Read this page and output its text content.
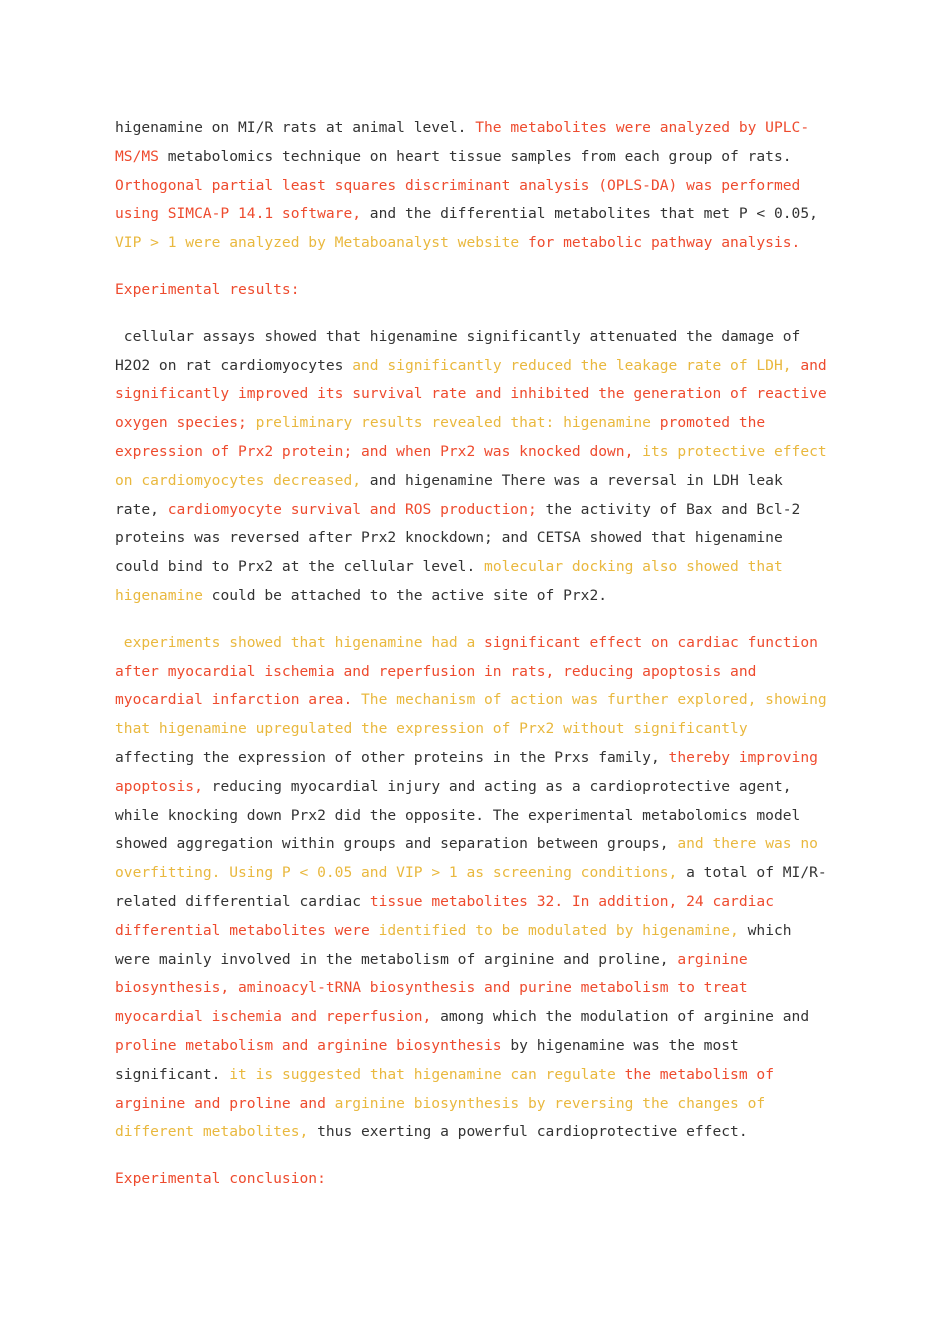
higenamine on MI/R rats at animal level. The metabolites were analyzed by UPLC-MS/MS metabolomics technique on heart tissue samples from each group of rats. Orthogonal partial least squares discriminant analysis (OPLS-DA) was performed using SIMCA-P 14.1 software, and the differential metabolites that met P < 0.05, VIP > 1 were analyzed by Metaboanalyst website for metabolic pathway analysis.

Experimental results:

cellular assays showed that higenamine significantly attenuated the damage of H2O2 on rat cardiomyocytes and significantly reduced the leakage rate of LDH, and significantly improved its survival rate and inhibited the generation of reactive oxygen species; preliminary results revealed that: higenamine promoted the expression of Prx2 protein; and when Prx2 was knocked down, its protective effect on cardiomyocytes decreased, and higenamine There was a reversal in LDH leak rate, cardiomyocyte survival and ROS production; the activity of Bax and Bcl-2 proteins was reversed after Prx2 knockdown; and CETSA showed that higenamine could bind to Prx2 at the cellular level. molecular docking also showed that higenamine could be attached to the active site of Prx2.

experiments showed that higenamine had a significant effect on cardiac function after myocardial ischemia and reperfusion in rats, reducing apoptosis and myocardial infarction area. The mechanism of action was further explored, showing that higenamine upregulated the expression of Prx2 without significantly affecting the expression of other proteins in the Prxs family, thereby improving apoptosis, reducing myocardial injury and acting as a cardioprotective agent, while knocking down Prx2 did the opposite. The experimental metabolomics model showed aggregation within groups and separation between groups, and there was no overfitting. Using P < 0.05 and VIP > 1 as screening conditions, a total of MI/R-related differential cardiac tissue metabolites 32. In addition, 24 cardiac differential metabolites were identified to be modulated by higenamine, which were mainly involved in the metabolism of arginine and proline, arginine biosynthesis, aminoacyl-tRNA biosynthesis and purine metabolism to treat myocardial ischemia and reperfusion, among which the modulation of arginine and proline metabolism and arginine biosynthesis by higenamine was the most significant. it is suggested that higenamine can regulate the metabolism of arginine and proline and arginine biosynthesis by reversing the changes of different metabolites, thus exerting a powerful cardioprotective effect.

Experimental conclusion:
